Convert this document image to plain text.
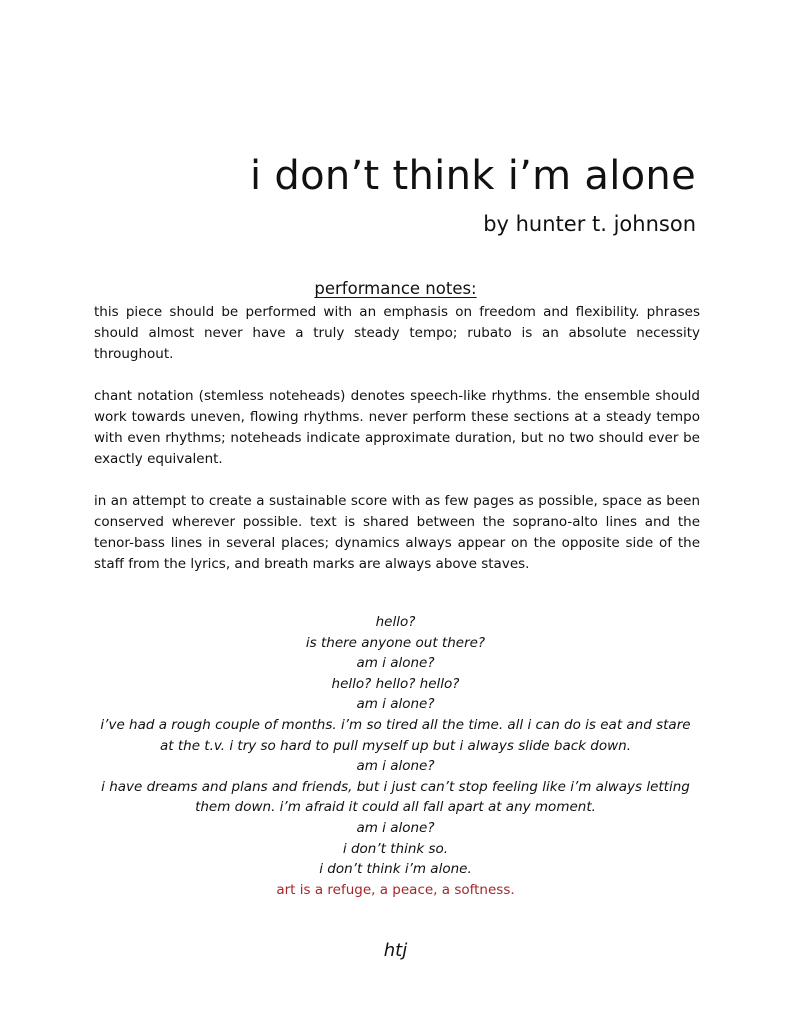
i don’t think i’m alone
by hunter t. johnson
performance notes:

this piece should be performed with an emphasis on freedom and flexibility. phrases should almost never have a truly steady tempo; rubato is an absolute necessity throughout.

chant notation (stemless noteheads) denotes speech-like rhythms. the ensemble should work towards uneven, flowing rhythms. never perform these sections at a steady tempo with even rhythms; noteheads indicate approximate duration, but no two should ever be exactly equivalent.

in an attempt to create a sustainable score with as few pages as possible, space as been conserved wherever possible. text is shared between the soprano-alto lines and the tenor-bass lines in several places; dynamics always appear on the opposite side of the staff from the lyrics, and breath marks are always above staves.

hello?
is there anyone out there?
am i alone?
hello? hello? hello?
am i alone?
i’ve had a rough couple of months. i’m so tired all the time. all i can do is eat and stare
at the t.v. i try so hard to pull myself up but i always slide back down.
am i alone?
i have dreams and plans and friends, but i just can’t stop feeling like i’m always letting
them down. i’m afraid it could all fall apart at any moment.
am i alone?
i don’t think so.
i don’t think i’m alone.
art is a refuge, a peace, a softness.
htj
